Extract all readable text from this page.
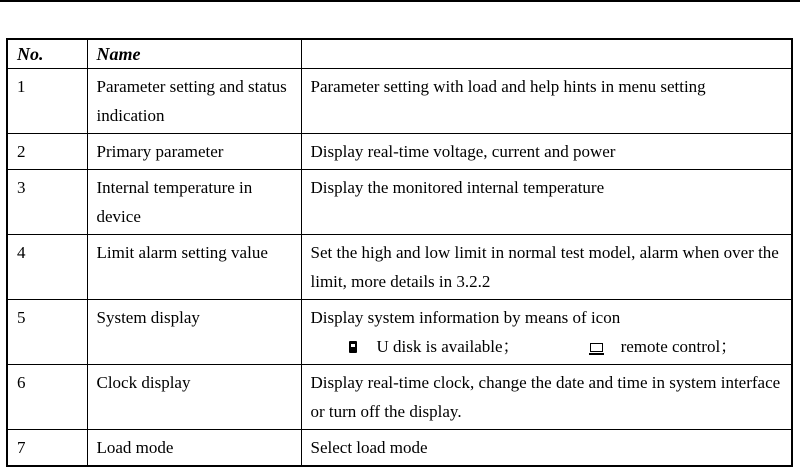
No.	Name	
1	Parameter setting and status indication	Parameter setting with load and help hints in menu setting
2	Primary parameter	Display real-time voltage, current and power
3	Internal temperature in device	Display the monitored internal temperature
4	Limit alarm setting value	Set the high and low limit in normal test model, alarm when over the limit, more details in 3.2.2
5	System display	Display system information by means of icon
U disk is available； remote control；

6	Clock display	Display real-time clock, change the date and time in system interface or turn off the display.
7	Load mode	Select load mode
